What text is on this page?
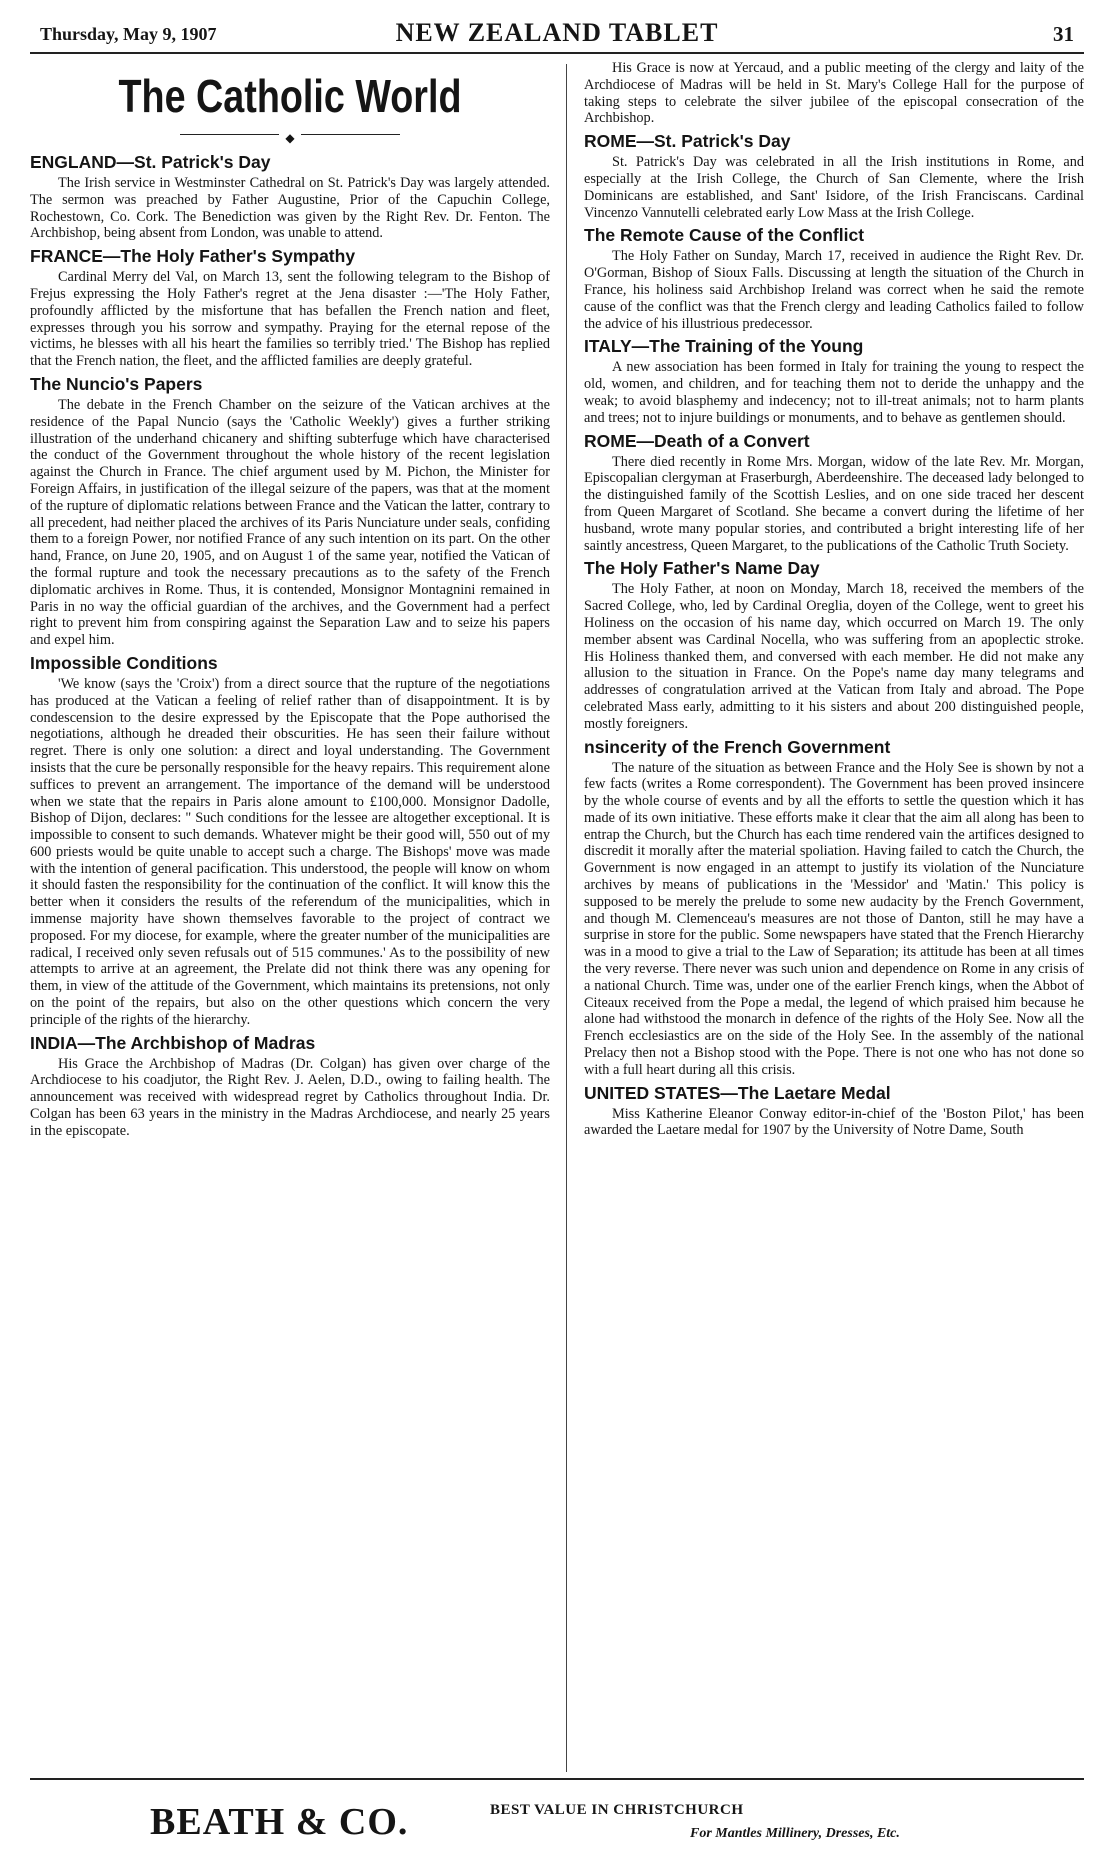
Thursday, May 9, 1907	NEW ZEALAND TABLET	31
The Catholic World
◆
ENGLAND—St. Patrick's Day

The Irish service in Westminster Cathedral on St. Patrick's Day was largely attended. The sermon was preached by Father Augustine, Prior of the Capuchin College, Rochestown, Co. Cork. The Benediction was given by the Right Rev. Dr. Fenton. The Archbishop, being absent from London, was unable to attend.

FRANCE—The Holy Father's Sympathy

Cardinal Merry del Val, on March 13, sent the following telegram to the Bishop of Frejus expressing the Holy Father's regret at the Jena disaster :—'The Holy Father, profoundly afflicted by the misfortune that has befallen the French nation and fleet, expresses through you his sorrow and sympathy. Praying for the eternal repose of the victims, he blesses with all his heart the families so terribly tried.' The Bishop has replied that the French nation, the fleet, and the afflicted families are deeply grateful.

The Nuncio's Papers

The debate in the French Chamber on the seizure of the Vatican archives at the residence of the Papal Nuncio (says the 'Catholic Weekly') gives a further striking illustration of the underhand chicanery and shifting subterfuge which have characterised the conduct of the Government throughout the whole history of the recent legislation against the Church in France. The chief argument used by M. Pichon, the Minister for Foreign Affairs, in justification of the illegal seizure of the papers, was that at the moment of the rupture of diplomatic relations between France and the Vatican the latter, contrary to all precedent, had neither placed the archives of its Paris Nunciature under seals, confiding them to a foreign Power, nor notified France of any such intention on its part. On the other hand, France, on June 20, 1905, and on August 1 of the same year, notified the Vatican of the formal rupture and took the necessary precautions as to the safety of the French diplomatic archives in Rome. Thus, it is contended, Monsignor Montagnini remained in Paris in no way the official guardian of the archives, and the Government had a perfect right to prevent him from conspiring against the Separation Law and to seize his papers and expel him.

Impossible Conditions

'We know (says the 'Croix') from a direct source that the rupture of the negotiations has produced at the Vatican a feeling of relief rather than of disappointment. It is by condescension to the desire expressed by the Episcopate that the Pope authorised the negotiations, although he dreaded their obscurities. He has seen their failure without regret. There is only one solution: a direct and loyal understanding. The Government insists that the cure be personally responsible for the heavy repairs. This requirement alone suffices to prevent an arrangement. The importance of the demand will be understood when we state that the repairs in Paris alone amount to £100,000. Monsignor Dadolle, Bishop of Dijon, declares: " Such conditions for the lessee are altogether exceptional. It is impossible to consent to such demands. Whatever might be their good will, 550 out of my 600 priests would be quite unable to accept such a charge. The Bishops' move was made with the intention of general pacification. This understood, the people will know on whom it should fasten the responsibility for the continuation of the conflict. It will know this the better when it considers the results of the referendum of the municipalities, which in immense majority have shown themselves favorable to the project of contract we proposed. For my diocese, for example, where the greater number of the municipalities are radical, I received only seven refusals out of 515 communes.' As to the possibility of new attempts to arrive at an agreement, the Prelate did not think there was any opening for them, in view of the attitude of the Government, which maintains its pretensions, not only on the point of the repairs, but also on the other questions which concern the very principle of the rights of the hierarchy.

INDIA—The Archbishop of Madras

His Grace the Archbishop of Madras (Dr. Colgan) has given over charge of the Archdiocese to his coadjutor, the Right Rev. J. Aelen, D.D., owing to failing health. The announcement was received with widespread regret by Catholics throughout India. Dr. Colgan has been 63 years in the ministry in the Madras Archdiocese, and nearly 25 years in the episcopate.

His Grace is now at Yercaud, and a public meeting of the clergy and laity of the Archdiocese of Madras will be held in St. Mary's College Hall for the purpose of taking steps to celebrate the silver jubilee of the episcopal consecration of the Archbishop.

ROME—St. Patrick's Day

St. Patrick's Day was celebrated in all the Irish institutions in Rome, and especially at the Irish College, the Church of San Clemente, where the Irish Dominicans are established, and Sant' Isidore, of the Irish Franciscans. Cardinal Vincenzo Vannutelli celebrated early Low Mass at the Irish College.

The Remote Cause of the Conflict

The Holy Father on Sunday, March 17, received in audience the Right Rev. Dr. O'Gorman, Bishop of Sioux Falls. Discussing at length the situation of the Church in France, his holiness said Archbishop Ireland was correct when he said the remote cause of the conflict was that the French clergy and leading Catholics failed to follow the advice of his illustrious predecessor.

ITALY—The Training of the Young

A new association has been formed in Italy for training the young to respect the old, women, and children, and for teaching them not to deride the unhappy and the weak; to avoid blasphemy and indecency; not to ill-treat animals; not to harm plants and trees; not to injure buildings or monuments, and to behave as gentlemen should.

ROME—Death of a Convert

There died recently in Rome Mrs. Morgan, widow of the late Rev. Mr. Morgan, Episcopalian clergyman at Fraserburgh, Aberdeenshire. The deceased lady belonged to the distinguished family of the Scottish Leslies, and on one side traced her descent from Queen Margaret of Scotland. She became a convert during the lifetime of her husband, wrote many popular stories, and contributed a bright interesting life of her saintly ancestress, Queen Margaret, to the publications of the Catholic Truth Society.

The Holy Father's Name Day

The Holy Father, at noon on Monday, March 18, received the members of the Sacred College, who, led by Cardinal Oreglia, doyen of the College, went to greet his Holiness on the occasion of his name day, which occurred on March 19. The only member absent was Cardinal Nocella, who was suffering from an apoplectic stroke. His Holiness thanked them, and conversed with each member. He did not make any allusion to the situation in France. On the Pope's name day many telegrams and addresses of congratulation arrived at the Vatican from Italy and abroad. The Pope celebrated Mass early, admitting to it his sisters and about 200 distinguished people, mostly foreigners.

nsincerity of the French Government

The nature of the situation as between France and the Holy See is shown by not a few facts (writes a Rome correspondent). The Government has been proved insincere by the whole course of events and by all the efforts to settle the question which it has made of its own initiative. These efforts make it clear that the aim all along has been to entrap the Church, but the Church has each time rendered vain the artifices designed to discredit it morally after the material spoliation. Having failed to catch the Church, the Government is now engaged in an attempt to justify its violation of the Nunciature archives by means of publications in the 'Messidor' and 'Matin.' This policy is supposed to be merely the prelude to some new audacity by the French Government, and though M. Clemenceau's measures are not those of Danton, still he may have a surprise in store for the public. Some newspapers have stated that the French Hierarchy was in a mood to give a trial to the Law of Separation; its attitude has been at all times the very reverse. There never was such union and dependence on Rome in any crisis of a national Church. Time was, under one of the earlier French kings, when the Abbot of Citeaux received from the Pope a medal, the legend of which praised him because he alone had withstood the monarch in defence of the rights of the Holy See. Now all the French ecclesiastics are on the side of the Holy See. In the assembly of the national Prelacy then not a Bishop stood with the Pope. There is not one who has not done so with a full heart during all this crisis.

UNITED STATES—The Laetare Medal

Miss Katherine Eleanor Conway editor-in-chief of the 'Boston Pilot,' has been awarded the Laetare medal for 1907 by the University of Notre Dame, South

BEATH & CO.	BEST VALUE IN CHRISTCHURCH
For Mantles Millinery, Dresses, Etc.
